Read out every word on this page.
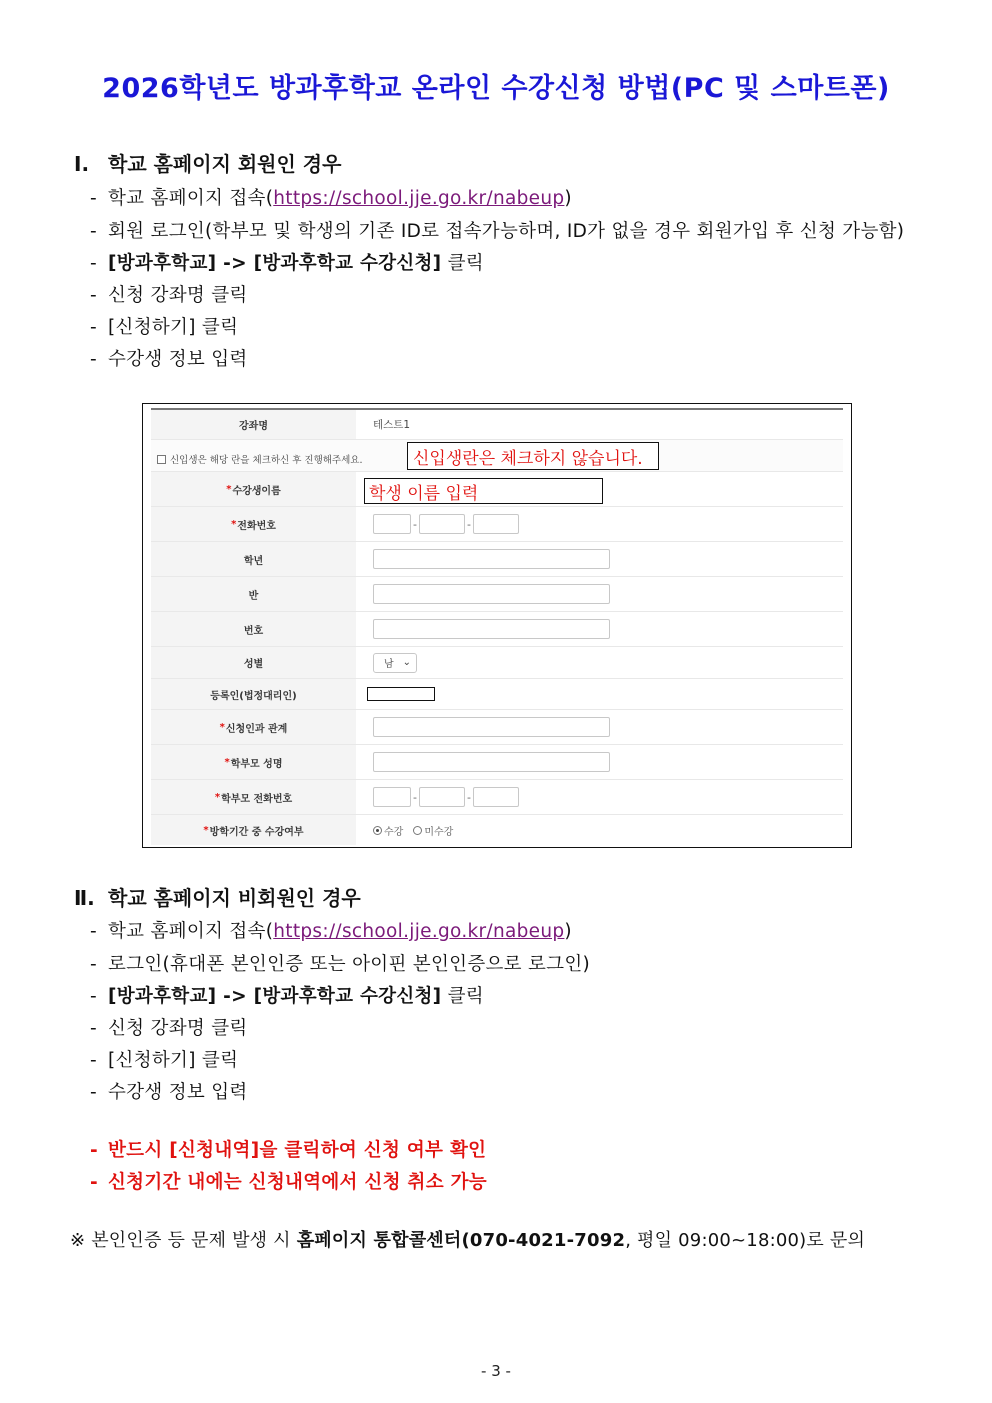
2026학년도 방과후학교 온라인 수강신청 방법(PC 및 스마트폰)
Ⅰ. 학교 홈페이지 회원인 경우
- 학교 홈페이지 접속(https://school.jje.go.kr/nabeup)
- 회원 로그인(학부모 및 학생의 기존 ID로 접속가능하며, ID가 없을 경우 회원가입 후 신청 가능함)
- [방과후학교] -> [방과후학교 수강신청] 클릭
- 신청 강좌명 클릭
- [신청하기] 클릭
- 수강생 정보 입력
강좌명	테스트1
신입생은 해당 란을 체크하신 후 진행해주세요.	신입생란은 체크하지 않습니다.
* 수강생이름	학생 이름 입력
* 전화번호	-	-
학년
반
번호
성별	남 ⌄
등록인(법정대리인)
* 신청인과 관계
* 학부모 성명
* 학부모 전화번호	-	-
* 방학기간 중 수강여부	수강 미수강
Ⅱ. 학교 홈페이지 비회원인 경우
- 학교 홈페이지 접속(https://school.jje.go.kr/nabeup)
- 로그인(휴대폰 본인인증 또는 아이핀 본인인증으로 로그인)
- [방과후학교] -> [방과후학교 수강신청] 클릭
- 신청 강좌명 클릭
- [신청하기] 클릭
- 수강생 정보 입력
- 반드시 [신청내역]을 클릭하여 신청 여부 확인
- 신청기간 내에는 신청내역에서 신청 취소 가능
※ 본인인증 등 문제 발생 시 홈페이지 통합콜센터(070-4021-7092, 평일 09:00~18:00)로 문의
- 3 -
